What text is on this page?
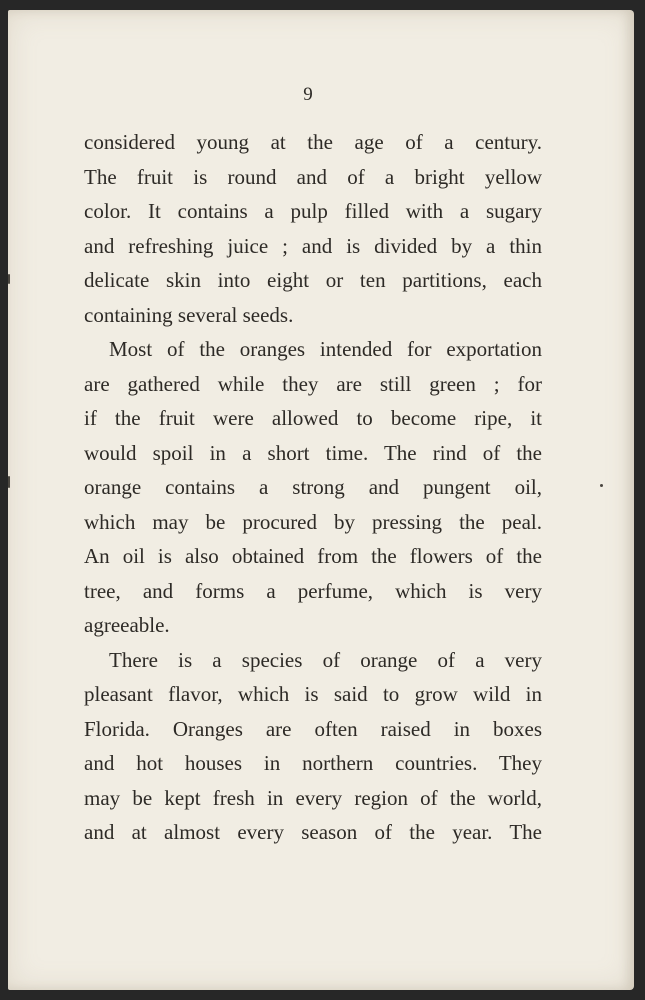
9
considered young at the age of a century.
The fruit is round and of a bright yellow
color. It contains a pulp filled with a sugary
and refreshing juice ; and is divided by a thin
delicate skin into eight or ten partitions, each
containing several seeds.
Most of the oranges intended for exportation
are gathered while they are still green ; for
if the fruit were allowed to become ripe, it
would spoil in a short time. The rind of the
orange contains a strong and pungent oil,
which may be procured by pressing the peal.
An oil is also obtained from the flowers of the
tree, and forms a perfume, which is very
agreeable.
There is a species of orange of a very
pleasant flavor, which is said to grow wild in
Florida. Oranges are often raised in boxes
and hot houses in northern countries. They
may be kept fresh in every region of the world,
and at almost every season of the year. The
